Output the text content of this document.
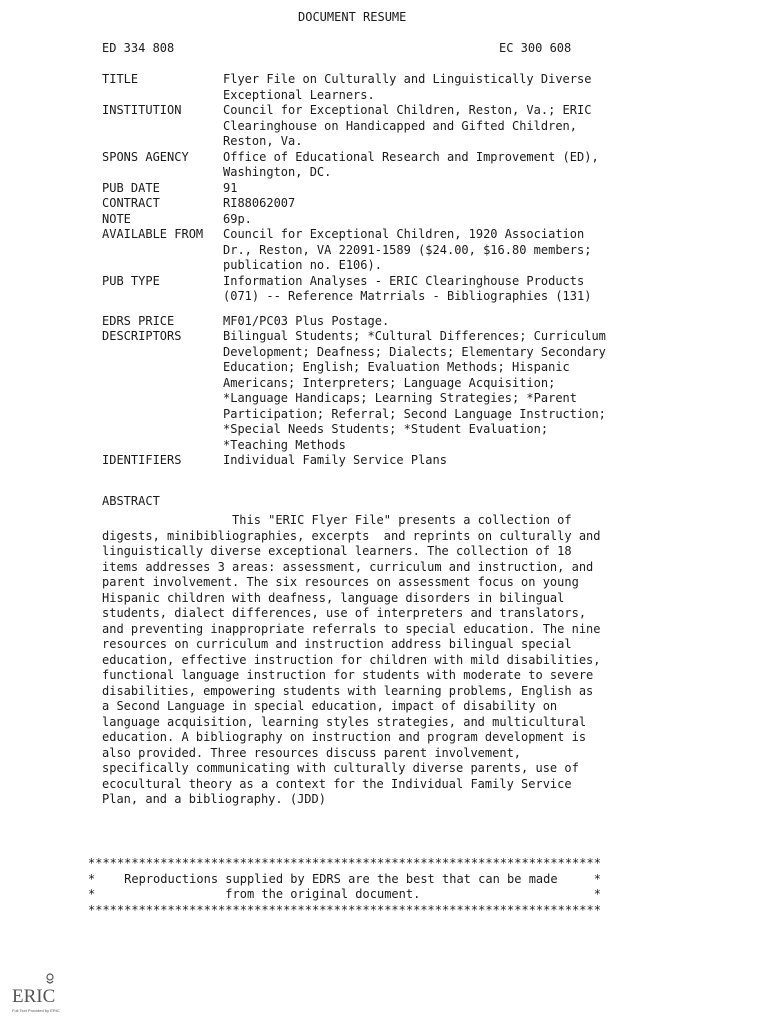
DOCUMENT RESUME
ED 334 808	EC 300 608
TITLE	Flyer File on Culturally and Linguistically Diverse
Exceptional Learners.
INSTITUTION	Council for Exceptional Children, Reston, Va.; ERIC
Clearinghouse on Handicapped and Gifted Children,
Reston, Va.
SPONS AGENCY	Office of Educational Research and Improvement (ED),
Washington, DC.
PUB DATE	91
CONTRACT	RI88062007
NOTE	69p.
AVAILABLE FROM	Council for Exceptional Children, 1920 Association
Dr., Reston, VA 22091-1589 ($24.00, $16.80 members;
publication no. E106).
PUB TYPE	Information Analyses - ERIC Clearinghouse Products
(071) -- Reference Matrrials - Bibliographies (131)
EDRS PRICE	MF01/PC03 Plus Postage.
DESCRIPTORS	Bilingual Students; *Cultural Differences; Curriculum
Development; Deafness; Dialects; Elementary Secondary
Education; English; Evaluation Methods; Hispanic
Americans; Interpreters; Language Acquisition;
*Language Handicaps; Learning Strategies; *Parent
Participation; Referral; Second Language Instruction;
*Special Needs Students; *Student Evaluation;
*Teaching Methods
IDENTIFIERS	Individual Family Service Plans
ABSTRACT
This "ERIC Flyer File" presents a collection of
digests, minibibliographies, excerpts  and reprints on culturally and
linguistically diverse exceptional learners. The collection of 18
items addresses 3 areas: assessment, curriculum and instruction, and
parent involvement. The six resources on assessment focus on young
Hispanic children with deafness, language disorders in bilingual
students, dialect differences, use of interpreters and translators,
and preventing inappropriate referrals to special education. The nine
resources on curriculum and instruction address bilingual special
education, effective instruction for children with mild disabilities,
functional language instruction for students with moderate to severe
disabilities, empowering students with learning problems, English as
a Second Language in special education, impact of disability on
language acquisition, learning styles strategies, and multicultural
education. A bibliography on instruction and program development is
also provided. Three resources discuss parent involvement,
specifically communicating with culturally diverse parents, use of
ecocultural theory as a context for the Individual Family Service
Plan, and a bibliography. (JDD)
***********************************************************************
*    Reproductions supplied by EDRS are the best that can be made     *
*                  from the original document.                        *
***********************************************************************
ERIC
Full Text Provided by ERIC
